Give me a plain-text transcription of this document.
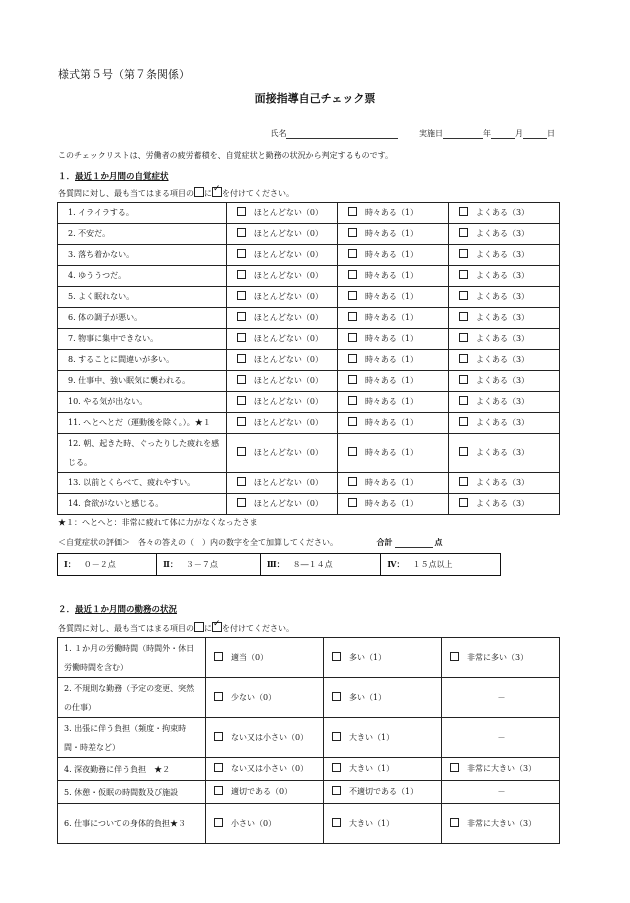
様式第５号（第７条関係）
面接指導自己チェック票
氏名	実施日	年	月	日
このチェックリストは、労働者の疲労蓄積を、自覚症状と勤務の状況から判定するものです。
１．最近１か月間の自覚症状
各質問に対し、最も当てはまる項目の に ✓ を付けてください。
1. イライラする。	ほとんどない（0）	時々ある（1）	よくある（3）
2. 不安だ。	ほとんどない（0）	時々ある（1）	よくある（3）
3. 落ち着かない。	ほとんどない（0）	時々ある（1）	よくある（3）
4. ゆううつだ。	ほとんどない（0）	時々ある（1）	よくある（3）
5. よく眠れない。	ほとんどない（0）	時々ある（1）	よくある（3）
6. 体の調子が悪い。	ほとんどない（0）	時々ある（1）	よくある（3）
7. 物事に集中できない。	ほとんどない（0）	時々ある（1）	よくある（3）
8. することに間違いが多い。	ほとんどない（0）	時々ある（1）	よくある（3）
9. 仕事中、強い眠気に襲われる。	ほとんどない（0）	時々ある（1）	よくある（3）
10. やる気が出ない。	ほとんどない（0）	時々ある（1）	よくある（3）
11. へとへとだ（運動後を除く。）。★１	ほとんどない（0）	時々ある（1）	よくある（3）
12. 朝、起きた時、ぐったりした疲れを感じる。	ほとんどない（0）	時々ある（1）	よくある（3）
13. 以前とくらべて、疲れやすい。	ほとんどない（0）	時々ある（1）	よくある（3）
14. 食欲がないと感じる。	ほとんどない（0）	時々ある（1）	よくある（3）
★１：へとへと：非常に疲れて体に力がなくなったさま
＜自覚症状の評価＞　各々の答えの（　）内の数字を全て加算してください。	合計	点
Ⅰ： ０－２点	Ⅱ： ３－７点	Ⅲ： ８―１４点	Ⅳ： １５点以上
２．最近１か月間の勤務の状況
各質問に対し、最も当てはまる項目の に ✓ を付けてください。
1. １か月の労働時間（時間外・休日労働時間を含む）	適当（0）	多い（1）	非常に多い（3）
2. 不規則な勤務（予定の変更、突然の仕事）	少ない（0）	多い（1）	－
3. 出張に伴う負担（頻度・拘束時間・時差など）	ない又は小さい（0）	大きい（1）	－
4. 深夜勤務に伴う負担　★２	ない又は小さい（0）	大きい（1）	非常に大きい（3）
5. 休憩・仮眠の時間数及び施設	適切である（0）	不適切である（1）	－
6. 仕事についての身体的負担★３	小さい（0）	大きい（1）	非常に大きい（3）
